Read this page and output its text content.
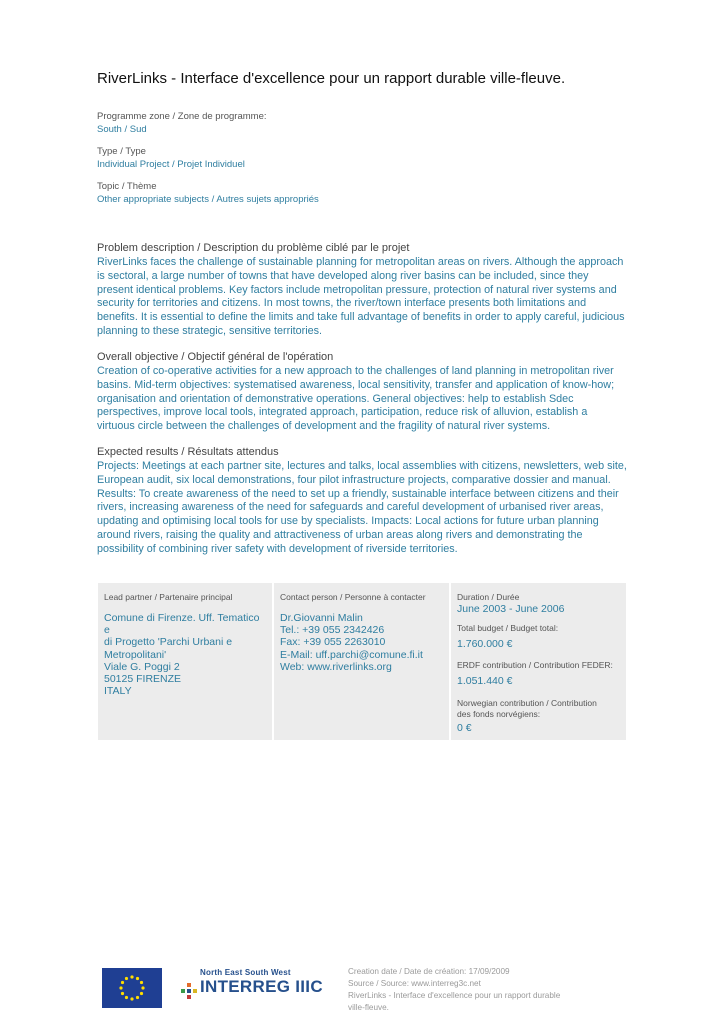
RiverLinks - Interface d'excellence pour un rapport durable ville-fleuve.
Programme zone / Zone de programme:
South / Sud
Type / Type
Individual Project / Projet Individuel
Topic / Thème
Other appropriate subjects / Autres sujets appropriés
Problem description / Description du problème ciblé par le projet
RiverLinks faces the challenge of sustainable planning for metropolitan areas on rivers. Although the approach is sectoral, a large number of towns that have developed along river basins can be included, since they present identical problems. Key factors include metropolitan pressure, protection of natural river systems and security for territories and citizens. In most towns, the river/town interface presents both limitations and benefits. It is essential to define the limits and take full advantage of benefits in order to apply careful, judicious planning to these strategic, sensitive territories.
Overall objective / Objectif général de l'opération
Creation of co-operative activities for a new approach to the challenges of land planning in metropolitan river basins. Mid-term objectives: systematised awareness, local sensitivity, transfer and application of know-how; organisation and orientation of demonstrative operations. General objectives: help to establish Sdec perspectives, improve local tools, integrated approach, participation, reduce risk of alluvion, establish a virtuous circle between the challenges of development and the fragility of natural river systems.
Expected results / Résultats attendus
Projects: Meetings at each partner site, lectures and talks, local assemblies with citizens, newsletters, web site, European audit, six local demonstrations, four pilot infrastructure projects, comparative dossier and manual. Results: To create awareness of the need to set up a friendly, sustainable interface between citizens and their rivers, increasing awareness of the need for safeguards and careful development of urbanised river areas, updating and optimising local tools for use by specialists. Impacts: Local actions for future urban planning around rivers, raising the quality and attractiveness of urban areas along rivers and demonstrating the possibility of combining river safety with development of riverside territories.
Lead partner / Partenaire principal
Comune di Firenze. Uff. Tematico e
di Progetto 'Parchi Urbani e
Metropolitani'
Viale G. Poggi 2
50125 FIRENZE
ITALY
Contact person / Personne à contacter
Dr.Giovanni Malin
Tel.: +39 055 2342426
Fax: +39 055 2263010
E-Mail: uff.parchi@comune.fi.it
Web: www.riverlinks.org
Duration / Durée
June 2003 - June 2006
Total budget / Budget total:
1.760.000 €
ERDF contribution / Contribution FEDER:
1.051.440 €
Norwegian contribution / Contribution
des fonds norvégiens:
0 €
North East South West
INTERREG IIIC
Creation date / Date de création: 17/09/2009
Source / Source: www.interreg3c.net
RiverLinks - Interface d'excellence pour un rapport durable
ville-fleuve.
